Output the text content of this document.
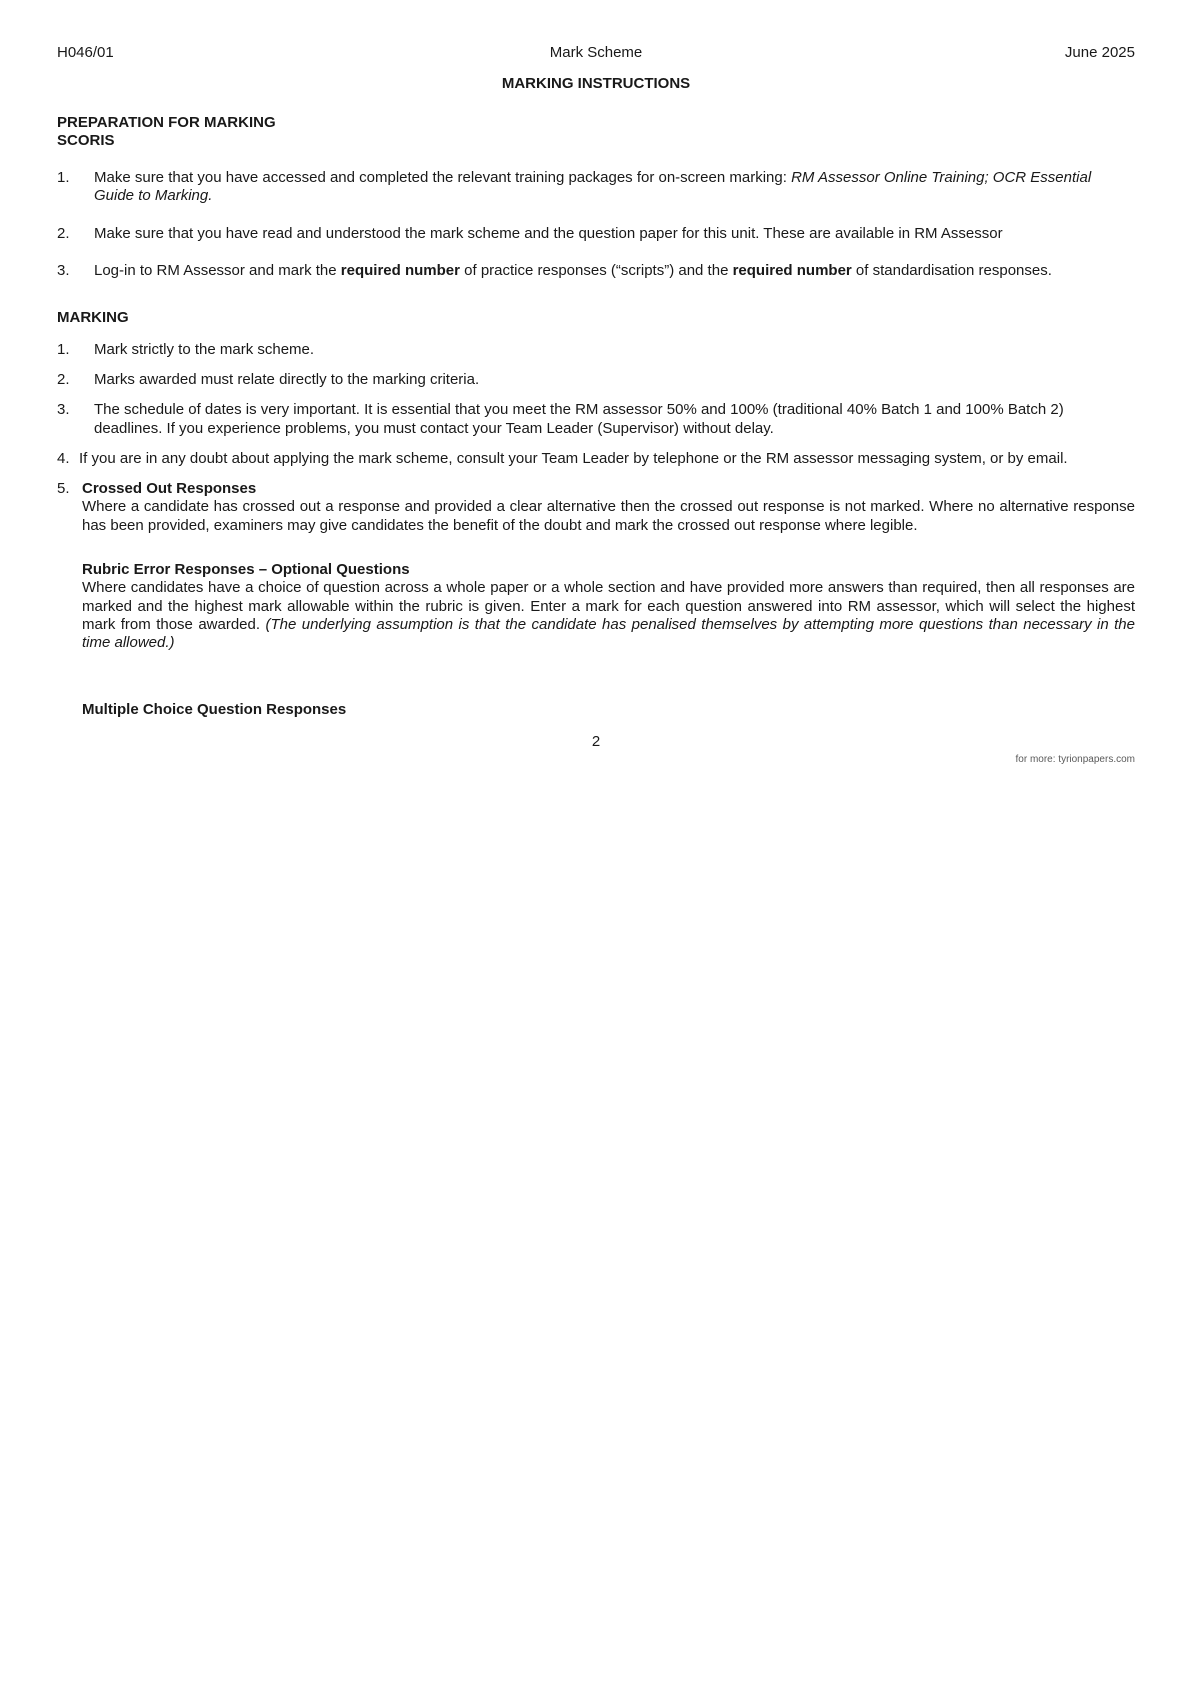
H046/01	Mark Scheme	June 2025
MARKING INSTRUCTIONS
PREPARATION FOR MARKING
SCORIS
1.	Make sure that you have accessed and completed the relevant training packages for on-screen marking: RM Assessor Online Training; OCR Essential Guide to Marking.
2.	Make sure that you have read and understood the mark scheme and the question paper for this unit. These are available in RM Assessor
3.	Log-in to RM Assessor and mark the required number of practice responses (“scripts”) and the required number of standardisation responses.
MARKING
1.	Mark strictly to the mark scheme.
2.	Marks awarded must relate directly to the marking criteria.
3.	The schedule of dates is very important. It is essential that you meet the RM assessor 50% and 100% (traditional 40% Batch 1 and 100% Batch 2) deadlines. If you experience problems, you must contact your Team Leader (Supervisor) without delay.
4. If you are in any doubt about applying the mark scheme, consult your Team Leader by telephone or the RM assessor messaging system, or by email.
5. Crossed Out Responses
Where a candidate has crossed out a response and provided a clear alternative then the crossed out response is not marked. Where no alternative response has been provided, examiners may give candidates the benefit of the doubt and mark the crossed out response where legible.
Rubric Error Responses – Optional Questions
Where candidates have a choice of question across a whole paper or a whole section and have provided more answers than required, then all responses are marked and the highest mark allowable within the rubric is given. Enter a mark for each question answered into RM assessor, which will select the highest mark from those awarded. (The underlying assumption is that the candidate has penalised themselves by attempting more questions than necessary in the time allowed.)
Multiple Choice Question Responses
2
for more: tyrionpapers.com
